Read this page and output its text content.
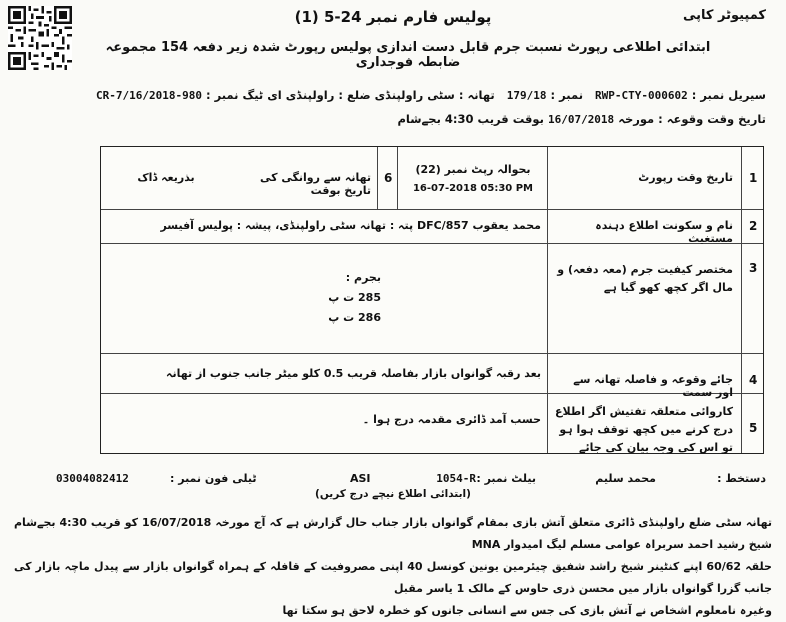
کمپیوٹر کاپی
پولیس فارم نمبر 24-5 (1)
ابتدائی اطلاعی رپورٹ نسبت جرم قابل دست اندازی پولیس رپورٹ شدہ زیر دفعہ 154 مجموعہ ضابطہ فوجداری
سیریل نمبر : RWP-CTY-000602   نمبر : 179/18   تھانہ : سٹی راولپنڈی ضلع : راولپنڈی ای ٹیگ نمبر : CR-7/16/2018-980
تاریخ وقت وقوعہ : مورخہ 16/07/2018 بوقت قریب 4:30 بجےشام
1
تاریخ وقت رپورٹ
بحوالہ رپٹ نمبر (22)
16-07-2018 05:30 PM
6
تھانہ سے روانگی کی تاریخ بوقت
بذریعہ ڈاک
2
نام و سکونت اطلاع دہندہ مستغیث
محمد یعقوب DFC/857 پتہ : تھانہ سٹی راولپنڈی، پیشہ : پولیس آفیسر
3
مختصر کیفیت جرم (معہ دفعہ) و مال اگر کچھ کھو گیا ہے
بجرم :
285 ت پ
286 ت پ
4
جائے وقوعہ و فاصلہ تھانہ سے اور سمت
بعد رقبہ گوانواں بازار بفاصلہ قریب 0.5 کلو میٹر جانب جنوب از تھانہ
5
کاروائی متعلقہ تفتیش اگر اطلاع درج کرنے میں کچھ توقف ہوا ہو تو اس کی وجہ بیان کی جائے
حسب آمد ڈائری مقدمہ درج ہوا ۔
دستخط :
محمد سلیم
بیلٹ نمبر :
1054-R
ASI
ٹیلی فون نمبر :
03004082412
(ابتدائی اطلاع نیچے درج کریں)
تھانہ سٹی ضلع راولپنڈی ڈائری متعلق آتش بازی بمقام گوانواں بازار جناب حال گزارش ہے کہ آج مورخہ 16/07/2018 کو قریب 4:30 بجےشام شیخ رشید احمد سربراہ عوامی مسلم لیگ امیدوار MNA
حلقہ 60/62 اپنے کنٹینر شیخ راشد شفیق چیئرمین یونین کونسل 40 اپنی مصروفیت کے قافلہ کے ہمراہ گوانواں بازار سے پیدل ماچہ بازار کی جانب گزرا گوانواں بازار میں محسن ذری حاوس کے مالک 1 یاسر مقبل
وغیرہ نامعلوم اشخاص نے آتش بازی کی جس سے انسانی جانوں کو خطرہ لاحق ہو سکتا تھا
